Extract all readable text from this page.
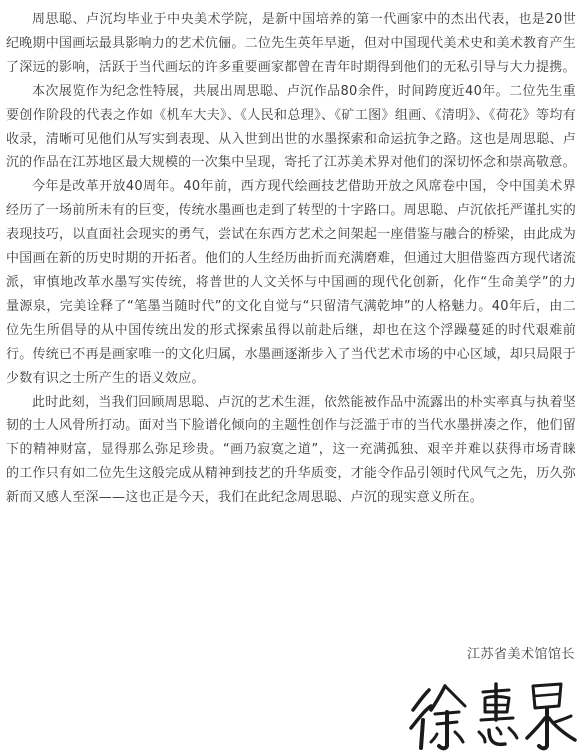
周思聪、卢沉均毕业于中央美术学院，是新中国培养的第一代画家中的杰出代表，也是20世纪晚期中国画坛最具影响力的艺术伉俪。二位先生英年早逝，但对中国现代美术史和美术教育产生了深远的影响，活跃于当代画坛的许多重要画家都曾在青年时期得到他们的无私引导与大力提携。

本次展览作为纪念性特展，共展出周思聪、卢沉作品80余件，时间跨度近40年。二位先生重要创作阶段的代表之作如《机车大夫》、《人民和总理》、《矿工图》组画、《清明》、《荷花》等均有收录，清晰可见他们从写实到表现、从入世到出世的水墨探索和命运抗争之路。这也是周思聪、卢沉的作品在江苏地区最大规模的一次集中呈现，寄托了江苏美术界对他们的深切怀念和崇高敬意。

今年是改革开放40周年。40年前，西方现代绘画技艺借助开放之风席卷中国，令中国美术界经历了一场前所未有的巨变，传统水墨画也走到了转型的十字路口。周思聪、卢沉依托严谨扎实的表现技巧，以直面社会现实的勇气，尝试在东西方艺术之间架起一座借鉴与融合的桥梁，由此成为中国画在新的历史时期的开拓者。他们的人生经历曲折而充满磨难，但通过大胆借鉴西方现代诸流派，审慎地改革水墨写实传统，将普世的人文关怀与中国画的现代化创新，化作“生命美学”的力量源泉，完美诠释了“笔墨当随时代”的文化自觉与“只留清气满乾坤”的人格魅力。40年后，由二位先生所倡导的从中国传统出发的形式探索虽得以前赴后继，却也在这个浮躁蔓延的时代艰难前行。传统已不再是画家唯一的文化归属，水墨画逐渐步入了当代艺术市场的中心区域，却只局限于少数有识之士所产生的语义效应。

此时此刻，当我们回顾周思聪、卢沉的艺术生涯，依然能被作品中流露出的朴实率真与执着坚韧的士人风骨所打动。面对当下脸谱化倾向的主题性创作与泛滥于市的当代水墨拼凑之作，他们留下的精神财富，显得那么弥足珍贵。“画乃寂寞之道”，这一充满孤独、艰辛并难以获得市场青睐的工作只有如二位先生这般完成从精神到技艺的升华质变，才能令作品引领时代风气之先，历久弥新而又感人至深——这也正是今天，我们在此纪念周思聪、卢沉的现实意义所在。

江苏省美术馆馆长
